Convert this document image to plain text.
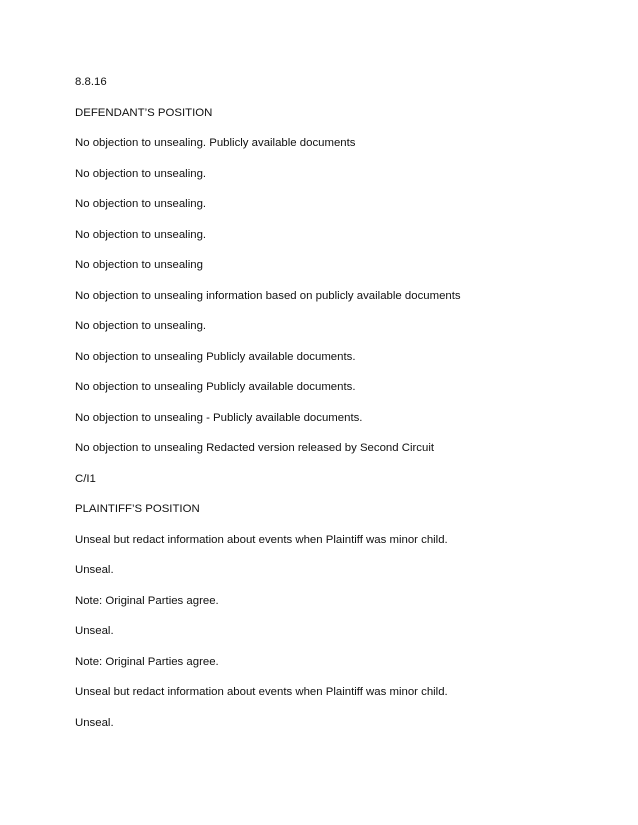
8.8.16
DEFENDANT’S POSITION
No objection to unsealing. Publicly available documents
No objection to unsealing.
No objection to unsealing.
No objection to unsealing.
No objection to unsealing
No objection to unsealing information based on publicly available documents
No objection to unsealing.
No objection to unsealing Publicly available documents.
No objection to unsealing Publicly available documents.
No objection to unsealing - Publicly available documents.
No objection to unsealing Redacted version released by Second Circuit
C/I1
PLAINTIFF’S POSITION
Unseal but redact information about events when Plaintiff was minor child.
Unseal.
Note: Original Parties agree.
Unseal.
Note: Original Parties agree.
Unseal but redact information about events when Plaintiff was minor child.
Unseal.
